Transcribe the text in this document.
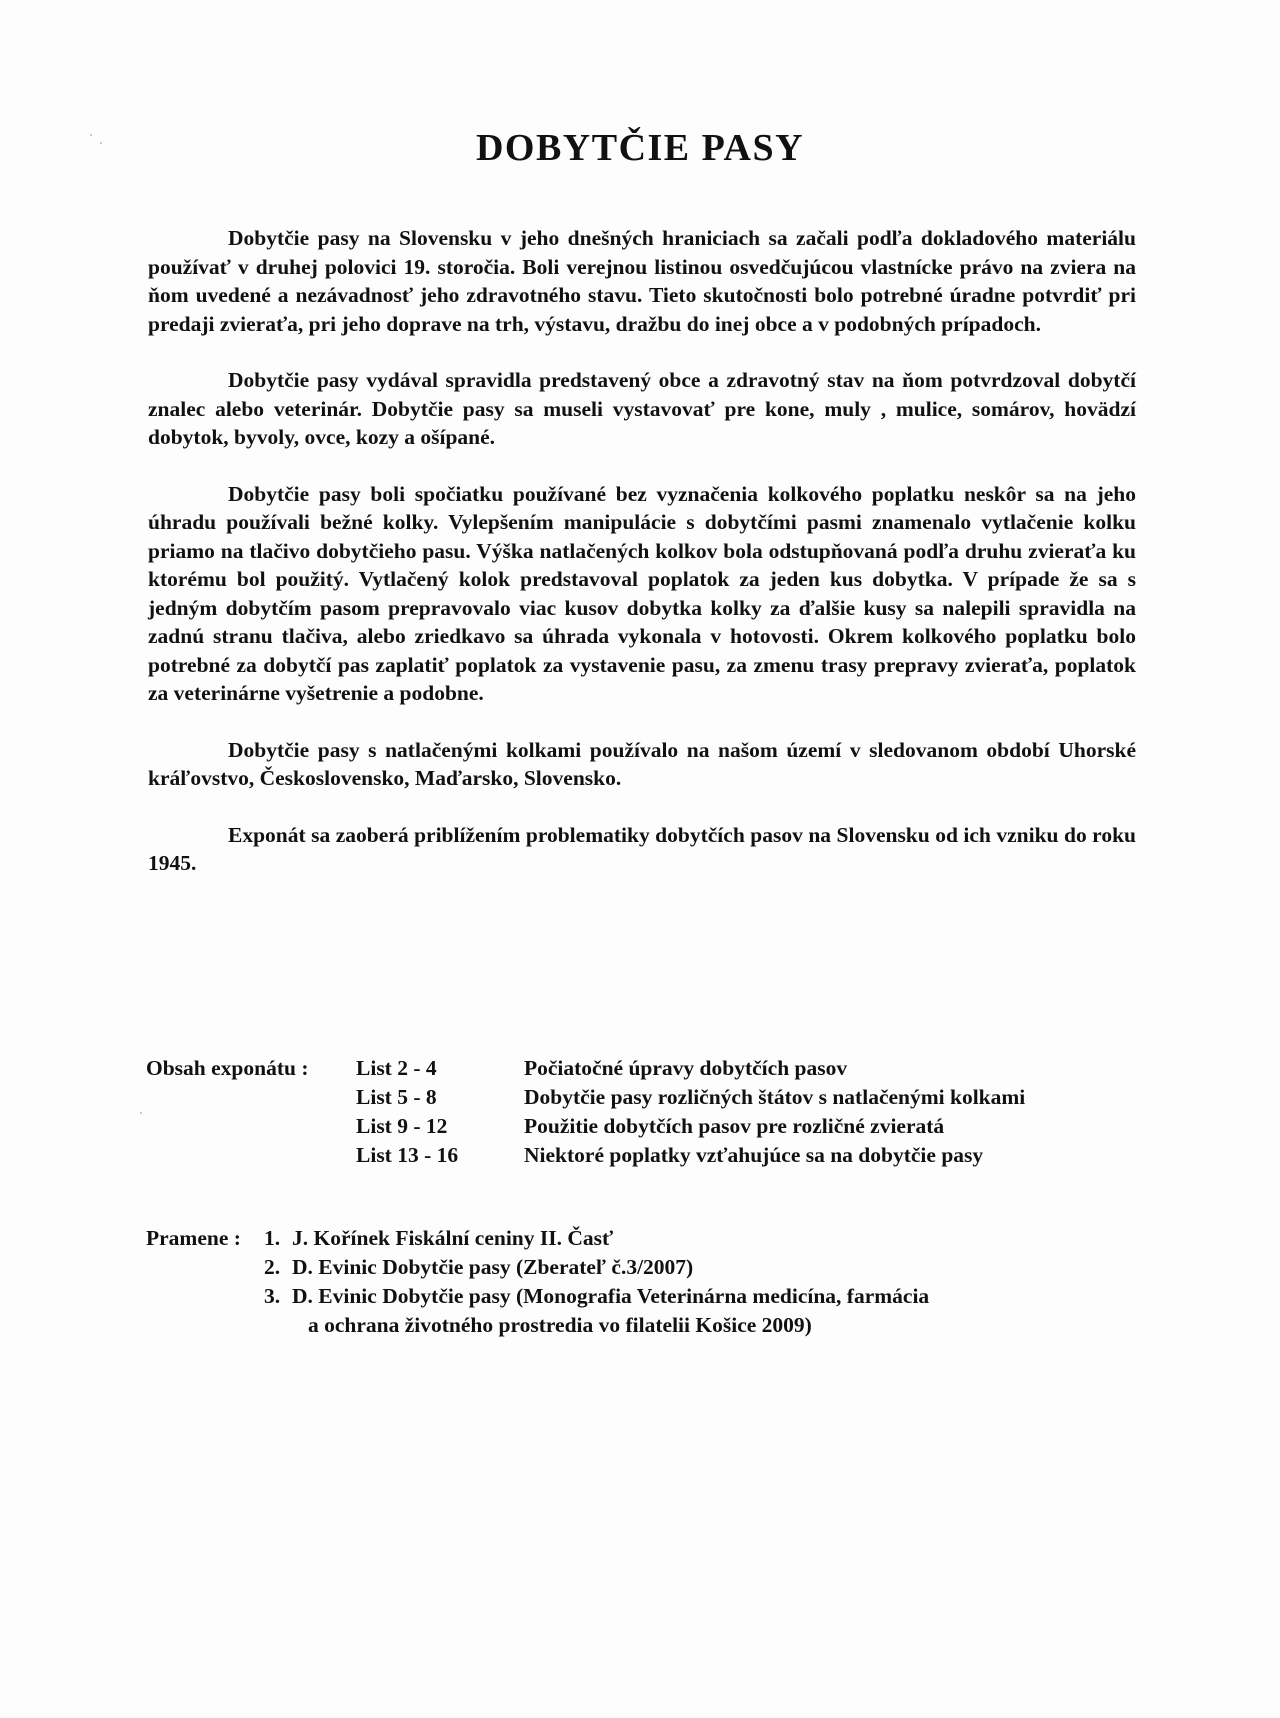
DOBYTČIE PASY

Dobytčie pasy na Slovensku v jeho dnešných hraniciach sa začali podľa dokladového materiálu používať v druhej polovici 19. storočia. Boli verejnou listinou osvedčujúcou vlastnícke právo na zviera na ňom uvedené a nezávadnosť jeho zdravotného stavu. Tieto skutočnosti bolo potrebné úradne potvrdiť pri predaji zvieraťa, pri jeho doprave na trh, výstavu, dražbu do inej obce a v podobných prípadoch.

Dobytčie pasy vydával spravidla predstavený obce a zdravotný stav na ňom potvrdzoval dobytčí znalec alebo veterinár. Dobytčie pasy sa museli vystavovať pre kone, muly , mulice, somárov, hovädzí dobytok, byvoly, ovce, kozy a ošípané.

Dobytčie pasy boli spočiatku používané bez vyznačenia kolkového poplatku neskôr sa na jeho úhradu používali bežné kolky. Vylepšením manipulácie s dobytčími pasmi znamenalo vytlačenie kolku priamo na tlačivo dobytčieho pasu. Výška natlačených kolkov bola odstupňovaná podľa druhu zvieraťa ku ktorému bol použitý. Vytlačený kolok predstavoval poplatok za jeden kus dobytka. V prípade že sa s jedným dobytčím pasom prepravovalo viac kusov dobytka kolky za ďalšie kusy sa nalepili spravidla na zadnú stranu tlačiva, alebo zriedkavo sa úhrada vykonala v hotovosti. Okrem kolkového poplatku bolo potrebné za dobytčí pas zaplatiť poplatok za vystavenie pasu, za zmenu trasy prepravy zvieraťa, poplatok za veterinárne vyšetrenie a podobne.

Dobytčie pasy s natlačenými kolkami používalo na našom území v sledovanom období Uhorské kráľovstvo, Československo, Maďarsko, Slovensko.

Exponát sa zaoberá priblížením problematiky dobytčích pasov na Slovensku od ich vzniku do roku 1945.

Obsah exponátu : List 2 - 4	Počiatočné úpravy dobytčích pasov
List 5 - 8	Dobytčie pasy rozličných štátov s natlačenými kolkami
List 9 - 12	Použitie dobytčích pasov pre rozličné zvieratá
List 13 - 16	Niektoré poplatky vzťahujúce sa na dobytčie pasy
Pramene : 1. J. Kořínek Fiskální ceniny II. Časť
2. D. Evinic Dobytčie pasy (Zberateľ č.3/2007)
3. D. Evinic Dobytčie pasy (Monografia Veterinárna medicína, farmácia
a ochrana životného prostredia vo filatelii Košice 2009)
